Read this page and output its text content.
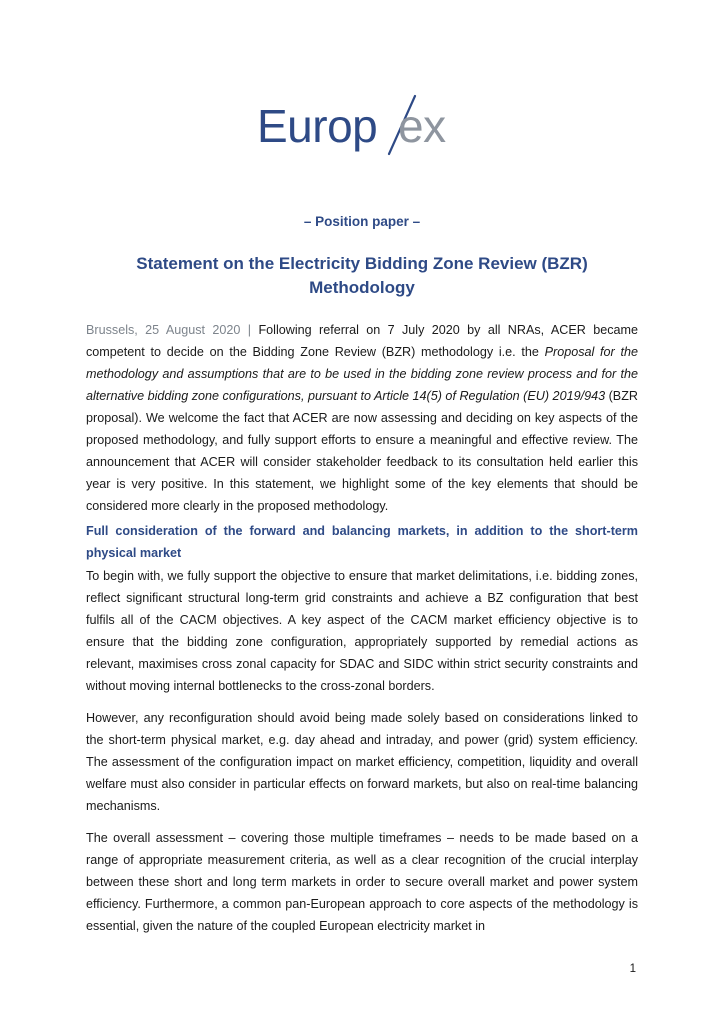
Europ ex
– Position paper –
Statement on the Electricity Bidding Zone Review (BZR) Methodology

Brussels, 25 August 2020 | Following referral on 7 July 2020 by all NRAs, ACER became competent to decide on the Bidding Zone Review (BZR) methodology i.e. the Proposal for the methodology and assumptions that are to be used in the bidding zone review process and for the alternative bidding zone configurations, pursuant to Article 14(5) of Regulation (EU) 2019/943 (BZR proposal). We welcome the fact that ACER are now assessing and deciding on key aspects of the proposed methodology, and fully support efforts to ensure a meaningful and effective review. The announcement that ACER will consider stakeholder feedback to its consultation held earlier this year is very positive. In this statement, we highlight some of the key elements that should be considered more clearly in the proposed methodology.

Full consideration of the forward and balancing markets, in addition to the short-term physical market

To begin with, we fully support the objective to ensure that market delimitations, i.e. bidding zones, reflect significant structural long-term grid constraints and achieve a BZ configuration that best fulfils all of the CACM objectives. A key aspect of the CACM market efficiency objective is to ensure that the bidding zone configuration, appropriately supported by remedial actions as relevant, maximises cross zonal capacity for SDAC and SIDC within strict security constraints and without moving internal bottlenecks to the cross-zonal borders.

However, any reconfiguration should avoid being made solely based on considerations linked to the short-term physical market, e.g. day ahead and intraday, and power (grid) system efficiency. The assessment of the configuration impact on market efficiency, competition, liquidity and overall welfare must also consider in particular effects on forward markets, but also on real-time balancing mechanisms.

The overall assessment – covering those multiple timeframes – needs to be made based on a range of appropriate measurement criteria, as well as a clear recognition of the crucial interplay between these short and long term markets in order to secure overall market and power system efficiency. Furthermore, a common pan-European approach to core aspects of the methodology is essential, given the nature of the coupled European electricity market in

1
